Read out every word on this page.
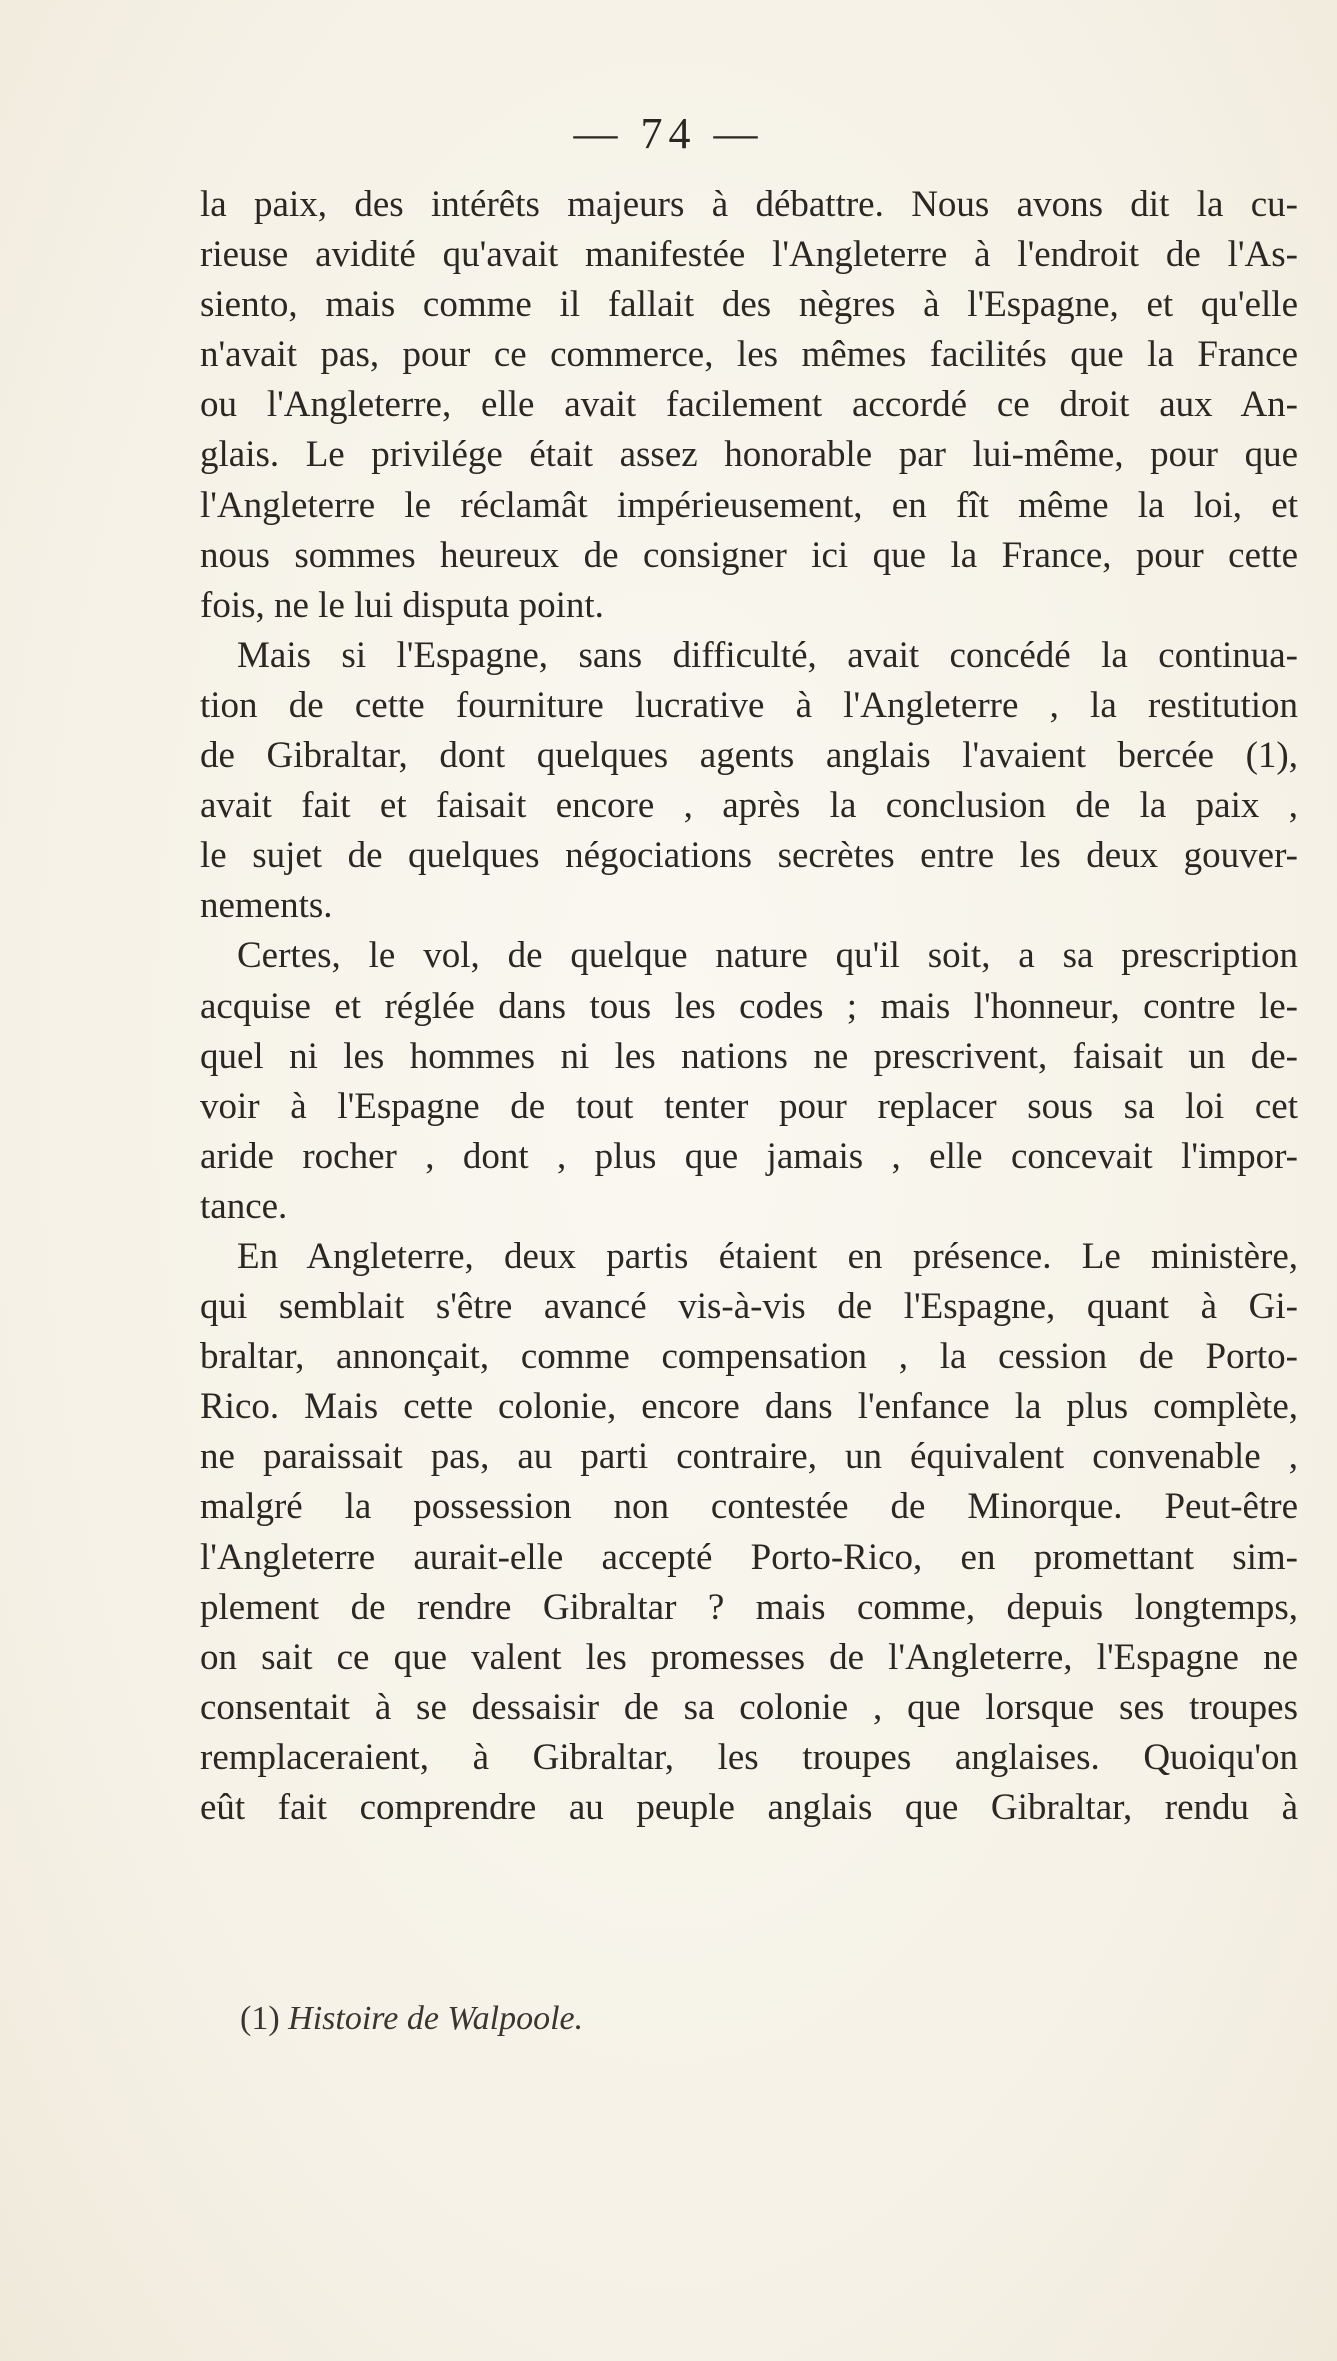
— 74 —
la paix, des intérêts majeurs à débattre. Nous avons dit la cu-
rieuse avidité qu'avait manifestée l'Angleterre à l'endroit de l'As-
siento, mais comme il fallait des nègres à l'Espagne, et qu'elle
n'avait pas, pour ce commerce, les mêmes facilités que la France
ou l'Angleterre, elle avait facilement accordé ce droit aux An-
glais. Le privilége était assez honorable par lui-même, pour que
l'Angleterre le réclamât impérieusement, en fît même la loi, et
nous sommes heureux de consigner ici que la France, pour cette
fois, ne le lui disputa point.
Mais si l'Espagne, sans difficulté, avait concédé la continua-
tion de cette fourniture lucrative à l'Angleterre , la restitution
de Gibraltar, dont quelques agents anglais l'avaient bercée (1),
avait fait et faisait encore , après la conclusion de la paix ,
le sujet de quelques négociations secrètes entre les deux gouver-
nements.
Certes, le vol, de quelque nature qu'il soit, a sa prescription
acquise et réglée dans tous les codes ; mais l'honneur, contre le-
quel ni les hommes ni les nations ne prescrivent, faisait un de-
voir à l'Espagne de tout tenter pour replacer sous sa loi cet
aride rocher , dont , plus que jamais , elle concevait l'impor-
tance.
En Angleterre, deux partis étaient en présence. Le ministère,
qui semblait s'être avancé vis-à-vis de l'Espagne, quant à Gi-
braltar, annonçait, comme compensation , la cession de Porto-
Rico. Mais cette colonie, encore dans l'enfance la plus complète,
ne paraissait pas, au parti contraire, un équivalent convenable ,
malgré la possession non contestée de Minorque. Peut-être
l'Angleterre aurait-elle accepté Porto-Rico, en promettant sim-
plement de rendre Gibraltar ? mais comme, depuis longtemps,
on sait ce que valent les promesses de l'Angleterre, l'Espagne ne
consentait à se dessaisir de sa colonie , que lorsque ses troupes
remplaceraient, à Gibraltar, les troupes anglaises. Quoiqu'on
eût fait comprendre au peuple anglais que Gibraltar, rendu à
(1) Histoire de Walpoole.
